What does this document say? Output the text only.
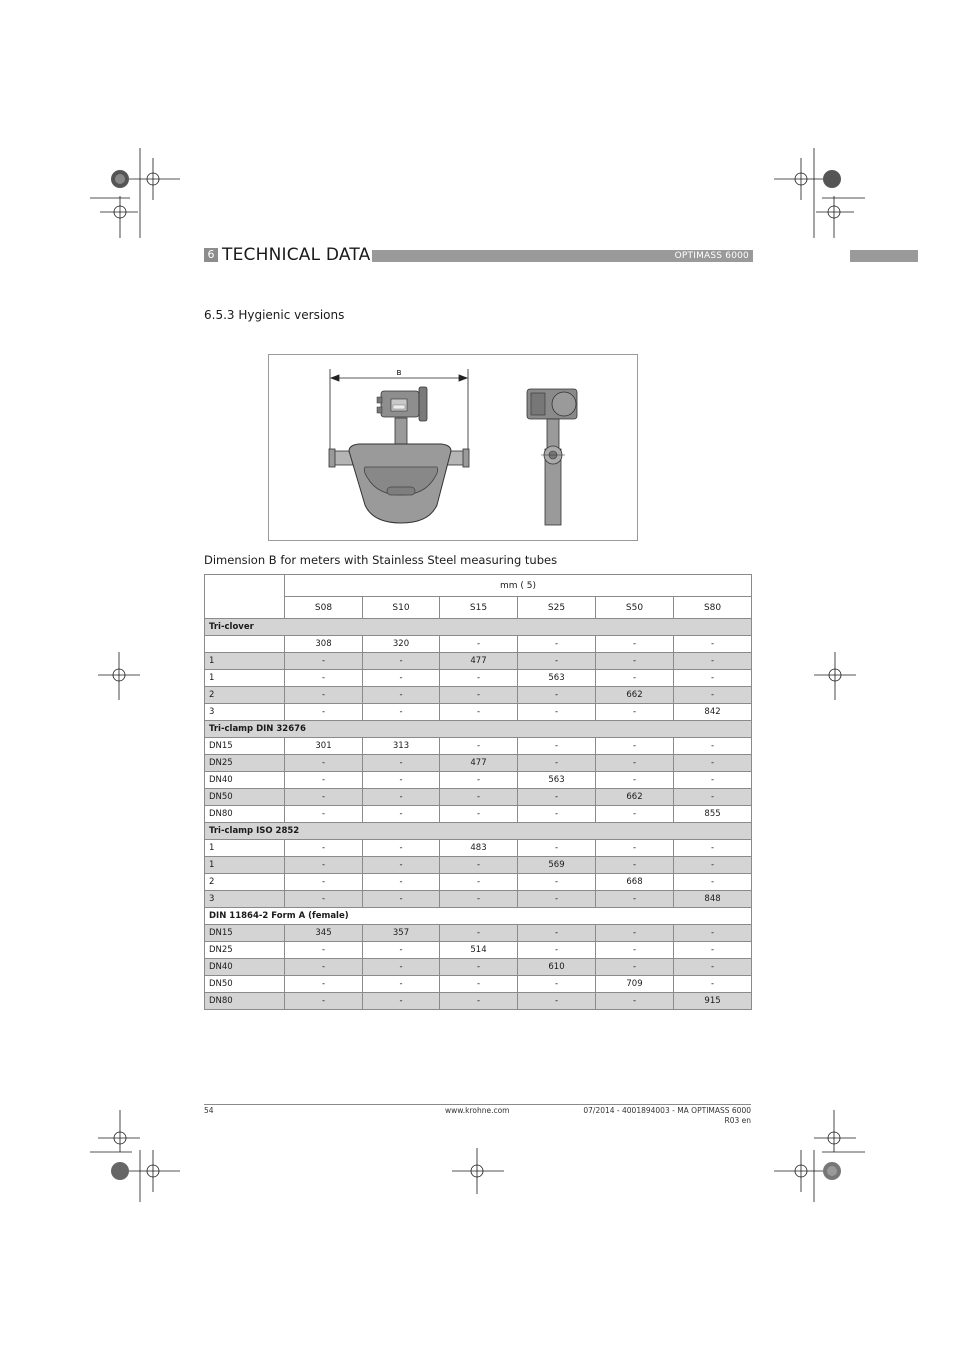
6 TECHNICAL DATA	OPTIMASS 6000
6.5.3 Hygienic versions
B
Dimension B for meters with Stainless Steel measuring tubes
	mm ( 5)					
	S08	S10	S15	S25	S50	S80
Tri-clover						
	308	320	-	-	-	-
1	-	-	477	-	-	-
1	-	-	-	563	-	-
2	-	-	-	-	662	-
3	-	-	-	-	-	842
Tri-clamp DIN 32676						
DN15	301	313	-	-	-	-
DN25	-	-	477	-	-	-
DN40	-	-	-	563	-	-
DN50	-	-	-	-	662	-
DN80	-	-	-	-	-	855
Tri-clamp ISO 2852						
1	-	-	483	-	-	-
1	-	-	-	569	-	-
2	-	-	-	-	668	-
3	-	-	-	-	-	848
DIN 11864-2 Form A (female)						
DN15	345	357	-	-	-	-
DN25	-	-	514	-	-	-
DN40	-	-	-	610	-	-
DN50	-	-	-	-	709	-
DN80	-	-	-	-	-	915
54	www.krohne.com	07/2014 - 4001894003 - MA OPTIMASS 6000 R03 en
